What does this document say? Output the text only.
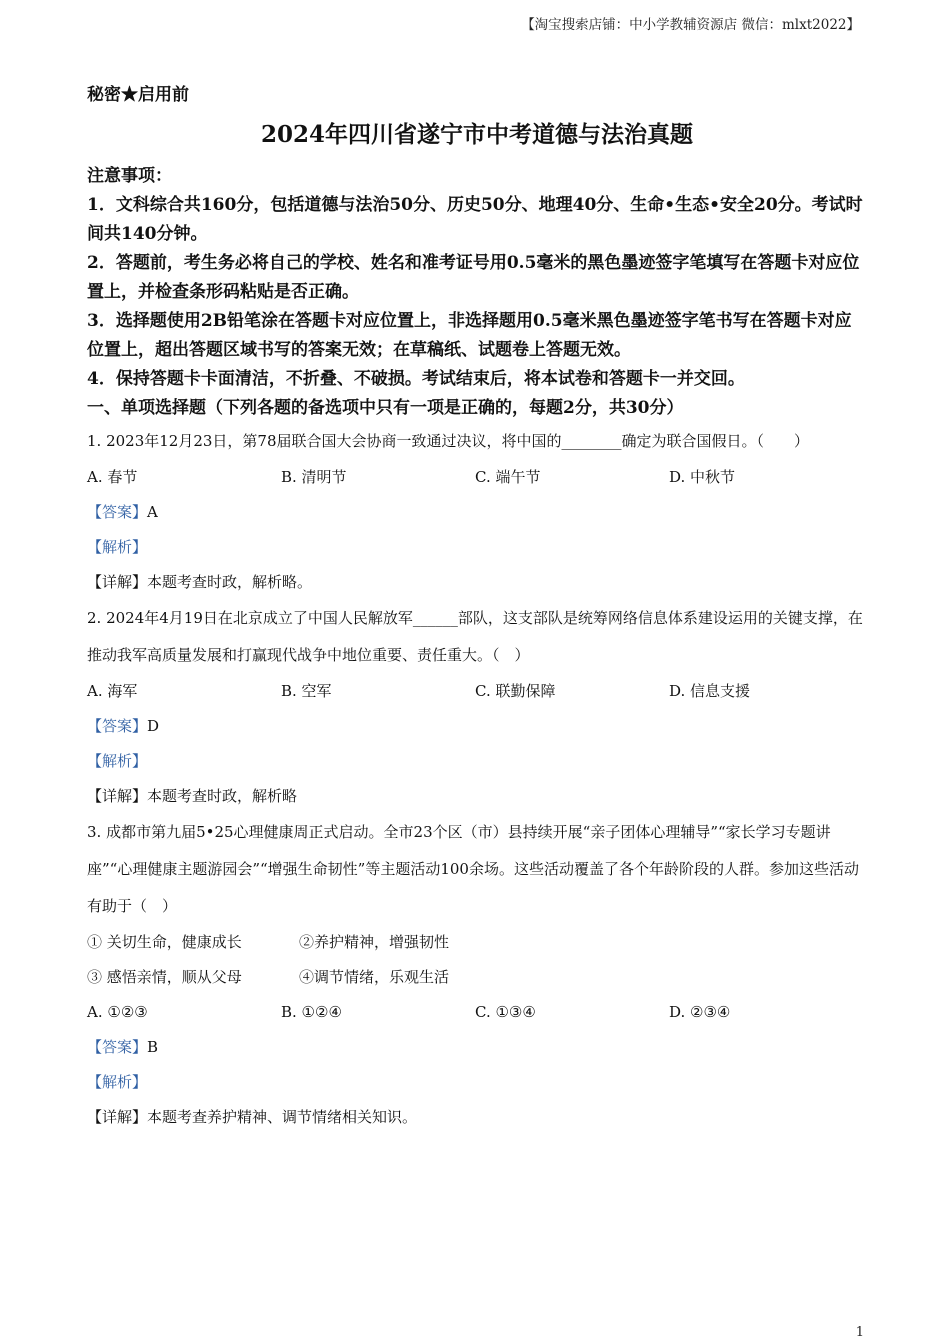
【淘宝搜索店铺：中小学教辅资源店 微信：mlxt2022】

秘密★启用前

2024年四川省遂宁市中考道德与法治真题

注意事项：

1．文科综合共160分，包括道德与法治50分、历史50分、地理40分、生命•生态•安全20分。考试时间共140分钟。

2．答题前，考生务必将自己的学校、姓名和准考证号用0.5毫米的黑色墨迹签字笔填写在答题卡对应位置上，并检查条形码粘贴是否正确。

3．选择题使用2B铅笔涂在答题卡对应位置上，非选择题用0.5毫米黑色墨迹签字笔书写在答题卡对应位置上，超出答题区域书写的答案无效；在草稿纸、试题卷上答题无效。

4．保持答题卡卡面清洁，不折叠、不破损。考试结束后，将本试卷和答题卡一并交回。

一、单项选择题（下列各题的备选项中只有一项是正确的，每题2分，共30分）

1. 2023年12月23日，第78届联合国大会协商一致通过决议，将中国的________确定为联合国假日。（　　）

A. 春节	B. 清明节	C. 端午节	D. 中秋节

【答案】A

【解析】

【详解】本题考查时政，解析略。

2. 2024年4月19日在北京成立了中国人民解放军______部队，这支部队是统筹网络信息体系建设运用的关键支撑，在推动我军高质量发展和打赢现代战争中地位重要、责任重大。（　）

A. 海军	B. 空军	C. 联勤保障	D. 信息支援

【答案】D

【解析】

【详解】本题考查时政，解析略

3. 成都市第九届5•25心理健康周正式启动。全市23个区（市）县持续开展“亲子团体心理辅导”“家长学习专题讲座”“心理健康主题游园会”“增强生命韧性”等主题活动100余场。这些活动覆盖了各个年龄阶段的人群。参加这些活动有助于（　）

① 关切生命，健康成长	②养护精神，增强韧性
③ 感悟亲情，顺从父母	④调节情绪，乐观生活
A. ①②③	B. ①②④	C. ①③④	D. ②③④

【答案】B

【解析】

【详解】本题考查养护精神、调节情绪相关知识。

1
